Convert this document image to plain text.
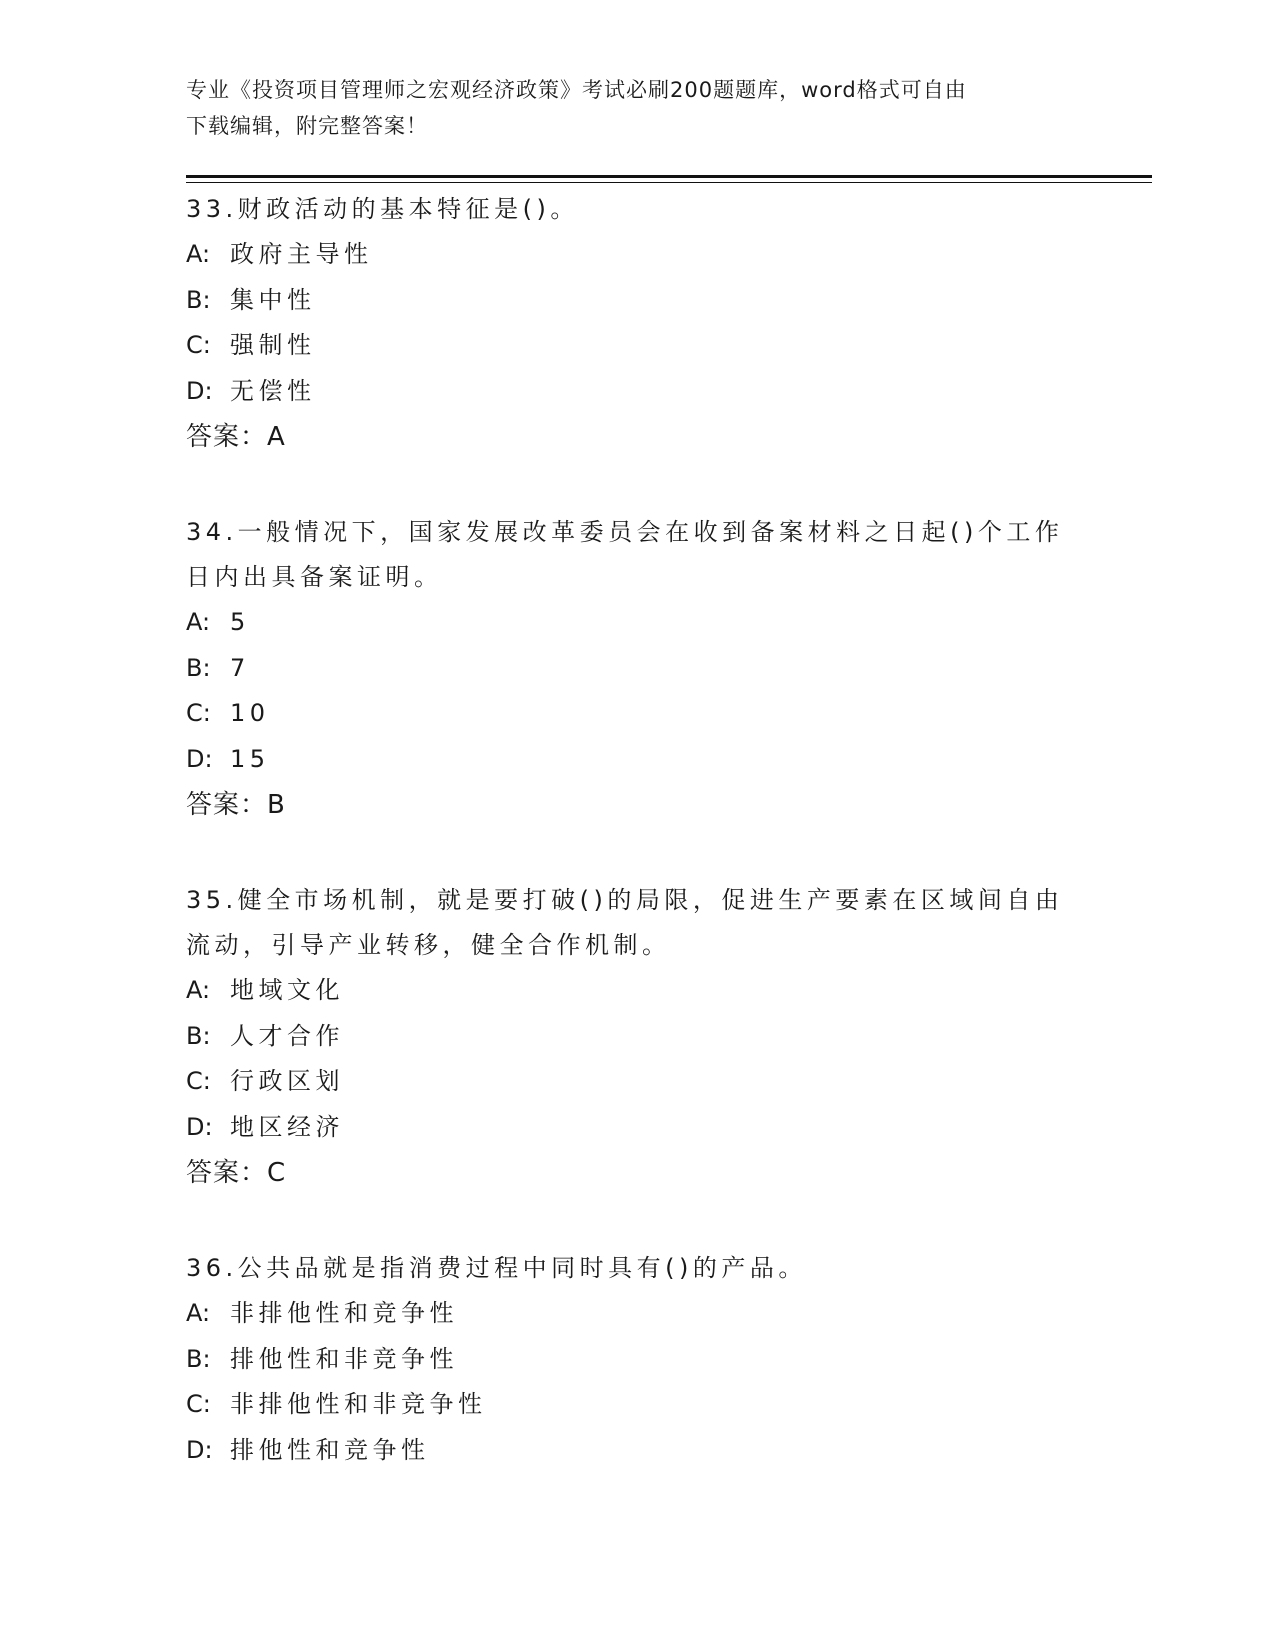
专业《投资项目管理师之宏观经济政策》考试必刷200题题库，word格式可自由
下载编辑，附完整答案！

33.财政活动的基本特征是()。

A: 政府主导性

B: 集中性

C: 强制性

D: 无偿性

答案：A

34.一般情况下，国家发展改革委员会在收到备案材料之日起()个工作

日内出具备案证明。

A: 5

B: 7

C: 10

D: 15

答案：B

35.健全市场机制，就是要打破()的局限，促进生产要素在区域间自由

流动，引导产业转移，健全合作机制。

A: 地域文化

B: 人才合作

C: 行政区划

D: 地区经济

答案：C

36.公共品就是指消费过程中同时具有()的产品。

A: 非排他性和竞争性

B: 排他性和非竞争性

C: 非排他性和非竞争性

D: 排他性和竞争性
